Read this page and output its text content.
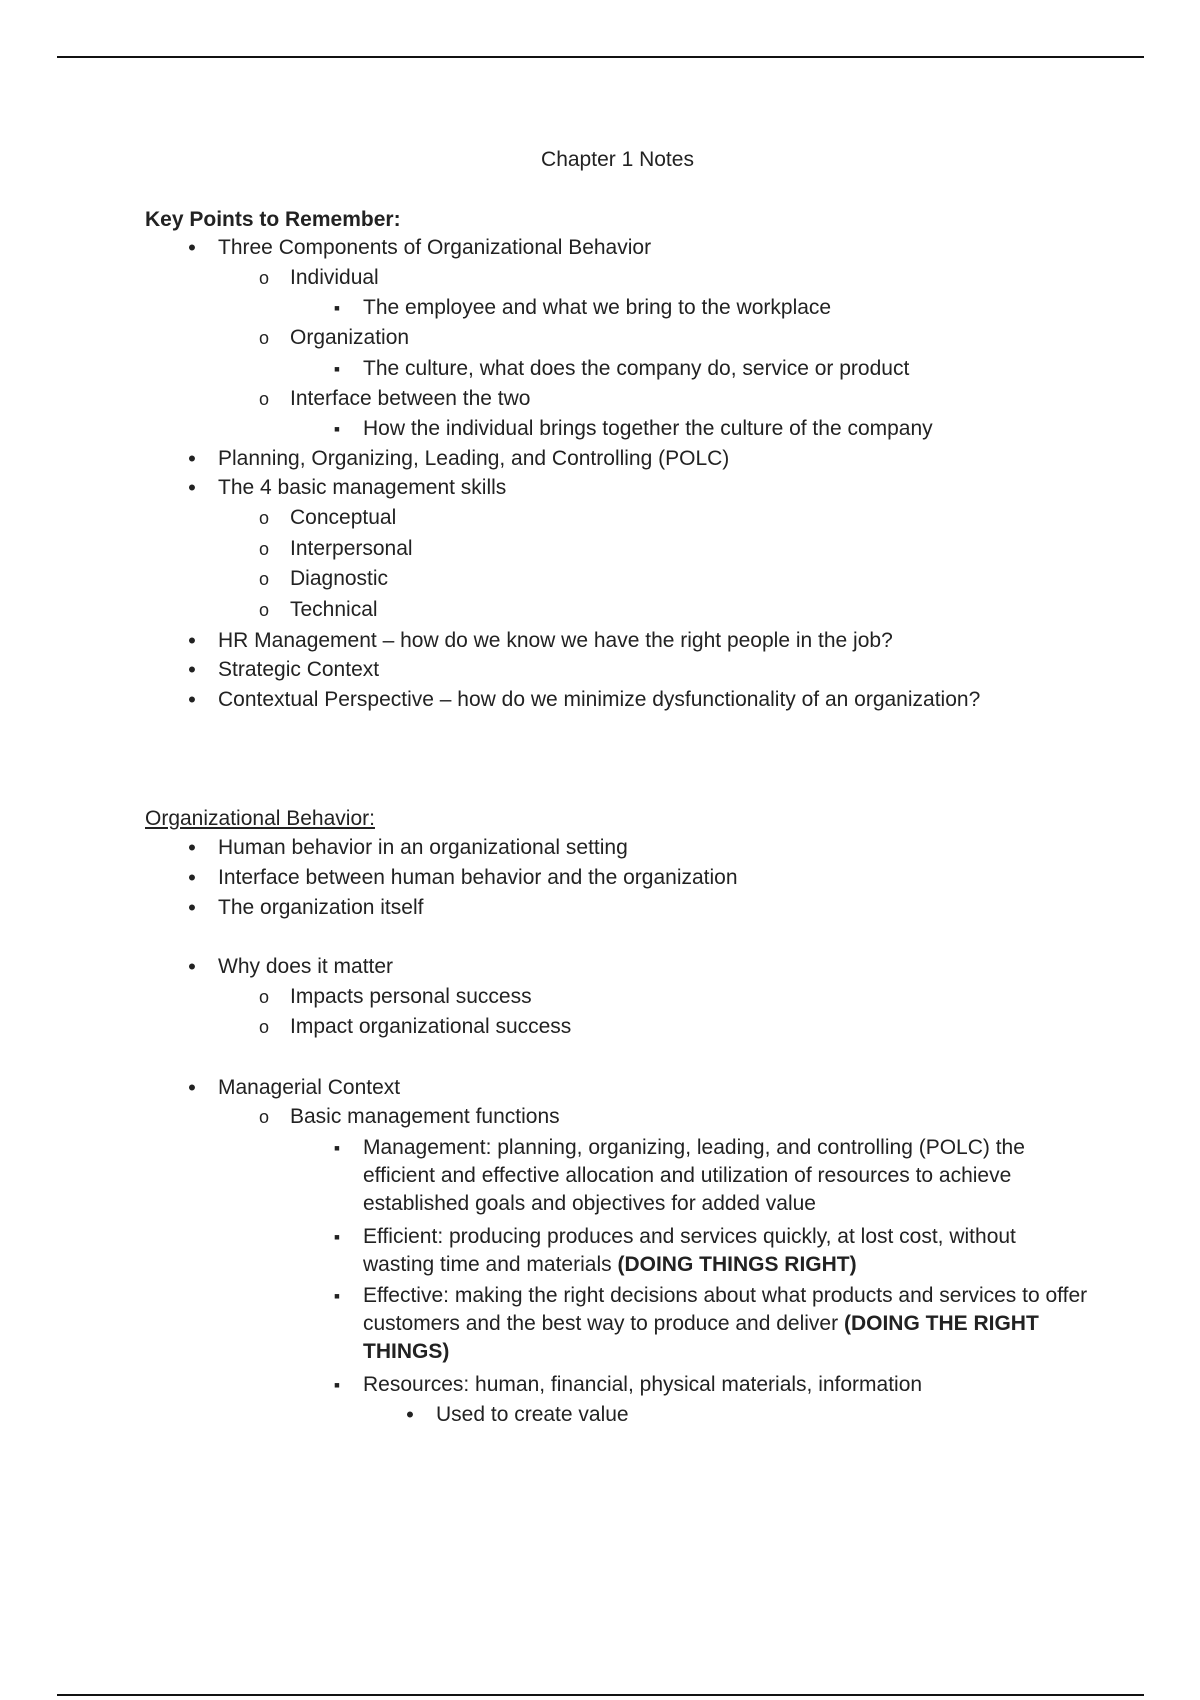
Chapter 1 Notes
Key Points to Remember:
•
Three Components of Organizational Behavior
o
Individual
▪
The employee and what we bring to the workplace
o
Organization
▪
The culture, what does the company do, service or product
o
Interface between the two
▪
How the individual brings together the culture of the company
•
Planning, Organizing, Leading, and Controlling (POLC)
•
The 4 basic management skills
o
Conceptual
o
Interpersonal
o
Diagnostic
o
Technical
•
HR Management – how do we know we have the right people in the job?
•
Strategic Context
•
Contextual Perspective – how do we minimize dysfunctionality of an organization?
Organizational Behavior:
•
Human behavior in an organizational setting
•
Interface between human behavior and the organization
•
The organization itself
•
Why does it matter
o
Impacts personal success
o
Impact organizational success
•
Managerial Context
o
Basic management functions
▪
Management: planning, organizing, leading, and controlling (POLC) the efficient and effective allocation and utilization of resources to achieve established goals and objectives for added value
▪
Efficient: producing produces and services quickly, at lost cost, without wasting time and materials (DOING THINGS RIGHT)
▪
Effective: making the right decisions about what products and services to offer customers and the best way to produce and deliver (DOING THE RIGHT THINGS)
▪
Resources: human, financial, physical materials, information
•
Used to create value
